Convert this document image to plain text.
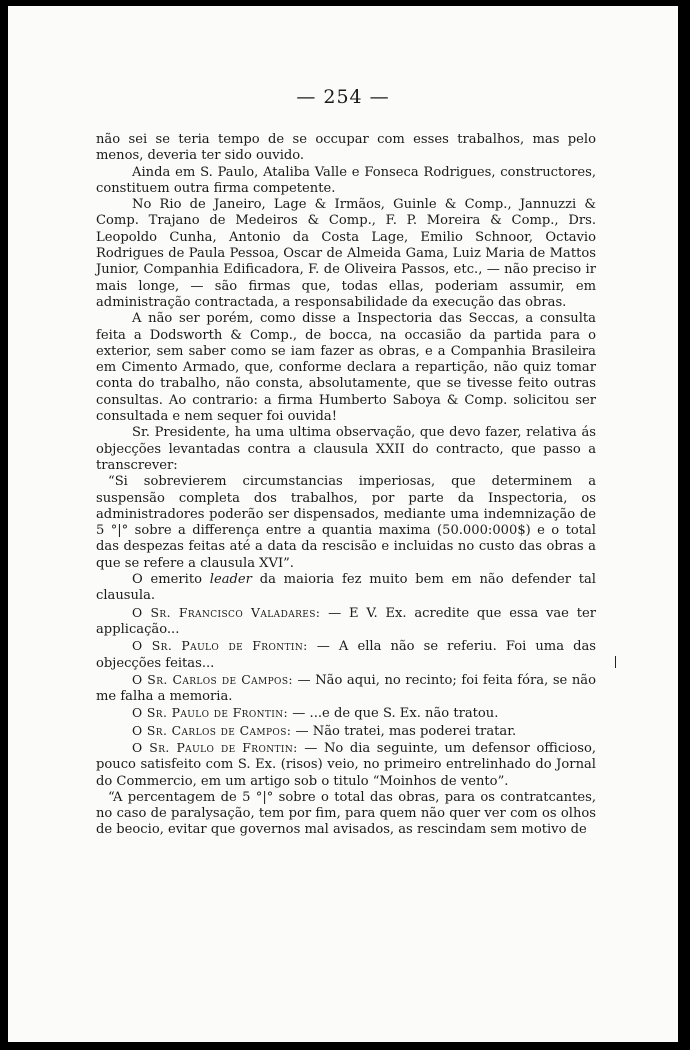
— 254 —

não sei se teria tempo de se occupar com esses trabalhos, mas pelo menos, deveria ter sido ouvido.

Ainda em S. Paulo, Ataliba Valle e Fonseca Rodrigues, constructores, constituem outra firma competente.

No Rio de Janeiro, Lage & Irmãos, Guinle & Comp., Jannuzzi & Comp. Trajano de Medeiros & Comp., F. P. Moreira & Comp., Drs. Leopoldo Cunha, Antonio da Costa Lage, Emilio Schnoor, Octavio Rodrigues de Paula Pessoa, Oscar de Almeida Gama, Luiz Maria de Mattos Junior, Companhia Edificadora, F. de Oliveira Passos, etc., — não preciso ir mais longe, — são firmas que, todas ellas, poderiam assumir, em administração contractada, a responsabilidade da execução das obras.

A não ser porém, como disse a Inspectoria das Seccas, a consulta feita a Dodsworth & Comp., de bocca, na occasião da partida para o exterior, sem saber como se iam fazer as obras, e a Companhia Brasileira em Cimento Armado, que, conforme declara a repartição, não quiz tomar conta do trabalho, não consta, absolutamente, que se tivesse feito outras consultas. Ao contrario: a firma Humberto Saboya & Comp. solicitou ser consultada e nem sequer foi ouvida!

Sr. Presidente, ha uma ultima observação, que devo fazer, relativa ás objecções levantadas contra a clausula XXII do contracto, que passo a transcrever:

“Si sobrevierem circumstancias imperiosas, que determinem a suspensão completa dos trabalhos, por parte da Inspectoria, os administradores poderão ser dispensados, mediante uma indemnização de 5 °|° sobre a differença entre a quantia maxima (50.000:000$) e o total das despezas feitas até a data da rescisão e incluidas no custo das obras a que se refere a clausula XVI”.

O emerito leader da maioria fez muito bem em não defender tal clausula.

O Sr. Francisco Valadares: — E V. Ex. acredite que essa vae ter applicação...

O Sr. Paulo de Frontin: — A ella não se referiu. Foi uma das objecções feitas...

O Sr. Carlos de Campos: — Não aqui, no recinto; foi feita fóra, se não me falha a memoria.

O Sr. Paulo de Frontin: — ...e de que S. Ex. não tratou.

O Sr. Carlos de Campos: — Não tratei, mas poderei tratar.

O Sr. Paulo de Frontin: — No dia seguinte, um defensor officioso, pouco satisfeito com S. Ex. (risos) veio, no primeiro entrelinhado do Jornal do Commercio, em um artigo sob o titulo “Moinhos de vento”.

“A percentagem de 5 °|° sobre o total das obras, para os contratcantes, no caso de paralysação, tem por fim, para quem não quer ver com os olhos de beocio, evitar que governos mal avisados, as rescindam sem motivo de
